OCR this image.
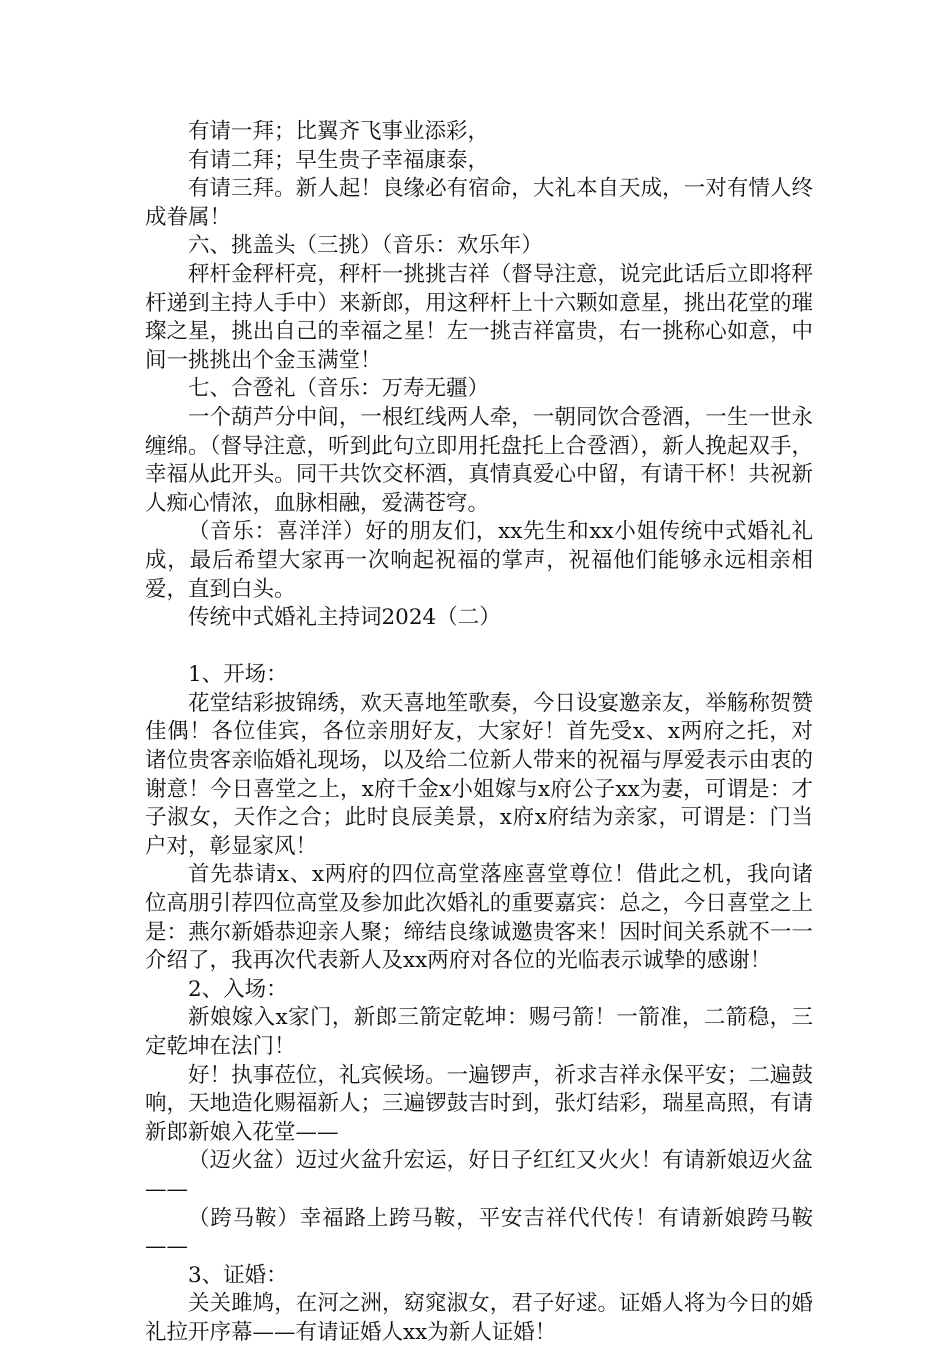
有请一拜；比翼齐飞事业添彩，

有请二拜；早生贵子幸福康泰，

有请三拜。新人起！良缘必有宿命，大礼本自天成，一对有情人终成眷属！

六、挑盖头（三挑）（音乐：欢乐年）

秤杆金秤杆亮，秤杆一挑挑吉祥（督导注意，说完此话后立即将秤杆递到主持人手中）来新郎，用这秤杆上十六颗如意星，挑出花堂的璀璨之星，挑出自己的幸福之星！左一挑吉祥富贵，右一挑称心如意，中间一挑挑出个金玉满堂！

七、合卺礼（音乐：万寿无疆）

一个葫芦分中间，一根红线两人牵，一朝同饮合卺酒，一生一世永缠绵。（督导注意，听到此句立即用托盘托上合卺酒），新人挽起双手，幸福从此开头。同干共饮交杯酒，真情真爱心中留，有请干杯！共祝新人痴心情浓，血脉相融，爱满苍穹。

（音乐：喜洋洋）好的朋友们，xx先生和xx小姐传统中式婚礼礼成，最后希望大家再一次响起祝福的掌声，祝福他们能够永远相亲相爱，直到白头。

传统中式婚礼主持词2024（二）

1、开场：

花堂结彩披锦绣，欢天喜地笙歌奏，今日设宴邀亲友，举觞称贺赞佳偶！各位佳宾，各位亲朋好友，大家好！首先受x、x两府之托，对诸位贵客亲临婚礼现场，以及给二位新人带来的祝福与厚爱表示由衷的谢意！今日喜堂之上，x府千金x小姐嫁与x府公子xx为妻，可谓是：才子淑女，天作之合；此时良辰美景，x府x府结为亲家，可谓是：门当户对，彰显家风！

首先恭请x、x两府的四位高堂落座喜堂尊位！借此之机，我向诸位高朋引荐四位高堂及参加此次婚礼的重要嘉宾：总之，今日喜堂之上是：燕尔新婚恭迎亲人聚；缔结良缘诚邀贵客来！因时间关系就不一一介绍了，我再次代表新人及xx两府对各位的光临表示诚挚的感谢！

2、入场：

新娘嫁入x家门，新郎三箭定乾坤：赐弓箭！一箭准，二箭稳，三定乾坤在法门！

好！执事莅位，礼宾候场。一遍锣声，祈求吉祥永保平安；二遍鼓响，天地造化赐福新人；三遍锣鼓吉时到，张灯结彩，瑞星高照，有请新郎新娘入花堂——

（迈火盆）迈过火盆升宏运，好日子红红又火火！有请新娘迈火盆——

（跨马鞍）幸福路上跨马鞍，平安吉祥代代传！有请新娘跨马鞍——

3、证婚：

关关雎鸠，在河之洲，窈窕淑女，君子好逑。证婚人将为今日的婚礼拉开序幕——有请证婚人xx为新人证婚！
